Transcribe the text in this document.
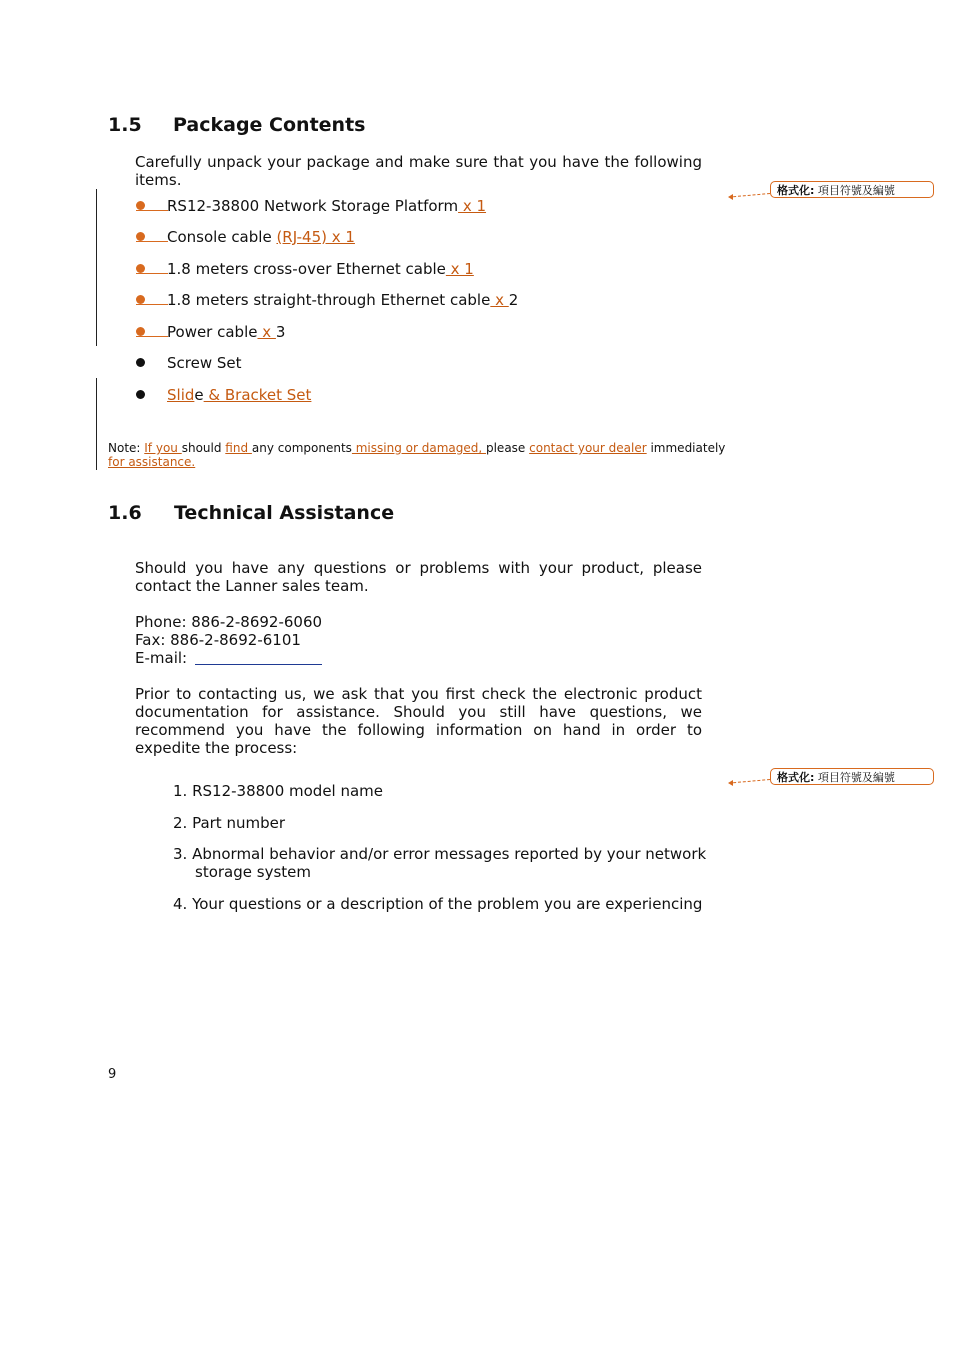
1.5 Package Contents
Carefully unpack your package and make sure that you have the following items.
RS12-38800 Network Storage Platform x 1
Console cable (RJ-45) x 1
1.8 meters cross-over Ethernet cable x 1
1.8 meters straight-through Ethernet cable x 2
Power cable x 3
Screw Set
Slide & Bracket Set
Note: If you should find any components missing or damaged, please contact your dealer immediately
for assistance.
1.6 Technical Assistance
Should you have any questions or problems with your product, please contact the Lanner sales team.
Phone: 886-2-8692-6060
Fax: 886-2-8692-6101
E-mail:
Prior to contacting us, we ask that you first check the electronic product documentation for assistance. Should you still have questions, we recommend you have the following information on hand in order to expedite the process:
1. RS12-38800 model name
2. Part number
3. Abnormal behavior and/or error messages reported by your network
storage system
4. Your questions or a description of the problem you are experiencing
格式化: 項目符號及編號
格式化: 項目符號及編號
9
